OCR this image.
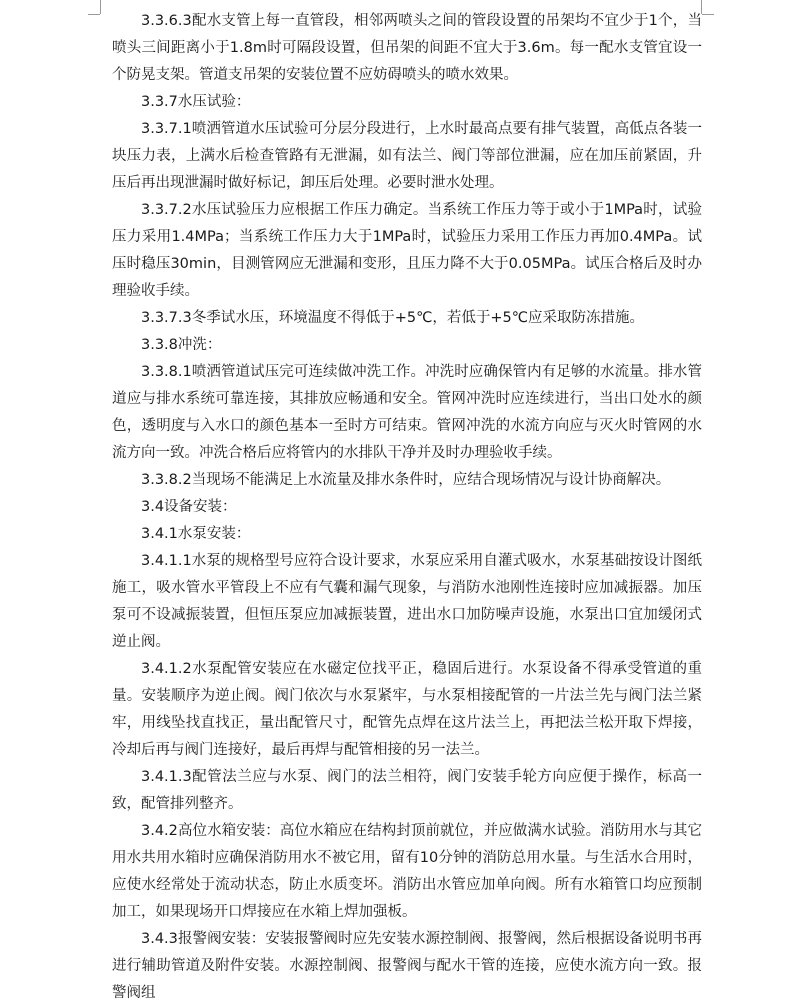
3.3.6.3配水支管上每一直管段，相邻两喷头之间的管段设置的吊架均不宜少于1个，当喷头三间距离小于1.8m时可隔段设置，但吊架的间距不宜大于3.6m。每一配水支管宜设一个防晃支架。管道支吊架的安装位置不应妨碍喷头的喷水效果。

3.3.7水压试验：

3.3.7.1喷洒管道水压试验可分层分段进行，上水时最高点要有排气装置，高低点各装一块压力表，上满水后检查管路有无泄漏，如有法兰、阀门等部位泄漏，应在加压前紧固，升压后再出现泄漏时做好标记，卸压后处理。必要时泄水处理。

3.3.7.2水压试验压力应根据工作压力确定。当系统工作压力等于或小于1MPa时，试验压力采用1.4MPa；当系统工作压力大于1MPa时，试验压力采用工作压力再加0.4MPa。试压时稳压30min，目测管网应无泄漏和变形，且压力降不大于0.05MPa。试压合格后及时办理验收手续。

3.3.7.3冬季试水压，环境温度不得低于+5℃，若低于+5℃应采取防冻措施。

3.3.8冲洗：

3.3.8.1喷洒管道试压完可连续做冲洗工作。冲洗时应确保管内有足够的水流量。排水管道应与排水系统可靠连接，其排放应畅通和安全。管网冲洗时应连续进行，当出口处水的颜色，透明度与入水口的颜色基本一至时方可结束。管网冲洗的水流方向应与灭火时管网的水流方向一致。冲洗合格后应将管内的水排队干净并及时办理验收手续。

3.3.8.2当现场不能满足上水流量及排水条件时，应结合现场情况与设计协商解决。

3.4设备安装：

3.4.1水泵安装：

3.4.1.1水泵的规格型号应符合设计要求，水泵应采用自灌式吸水，水泵基础按设计图纸施工，吸水管水平管段上不应有气囊和漏气现象，与消防水池刚性连接时应加减振器。加压泵可不设减振装置，但恒压泵应加减振装置，进出水口加防噪声设施，水泵出口宜加缓闭式逆止阀。

3.4.1.2水泵配管安装应在水磁定位找平正，稳固后进行。水泵设备不得承受管道的重量。安装顺序为逆止阀。阀门依次与水泵紧牢，与水泵相接配管的一片法兰先与阀门法兰紧牢，用线坠找直找正，量出配管尺寸，配管先点焊在这片法兰上，再把法兰松开取下焊接，冷却后再与阀门连接好，最后再焊与配管相接的另一法兰。

3.4.1.3配管法兰应与水泵、阀门的法兰相符，阀门安装手轮方向应便于操作，标高一致，配管排列整齐。

3.4.2高位水箱安装：高位水箱应在结构封顶前就位，并应做满水试验。消防用水与其它用水共用水箱时应确保消防用水不被它用，留有10分钟的消防总用水量。与生活水合用时，应使水经常处于流动状态，防止水质变坏。消防出水管应加单向阀。所有水箱管口均应预制加工，如果现场开口焊接应在水箱上焊加强板。

3.4.3报警阀安装：安装报警阀时应先安装水源控制阀、报警阀，然后根据设备说明书再进行辅助管道及附件安装。水源控制阀、报警阀与配水干管的连接，应使水流方向一致。报警阀组
